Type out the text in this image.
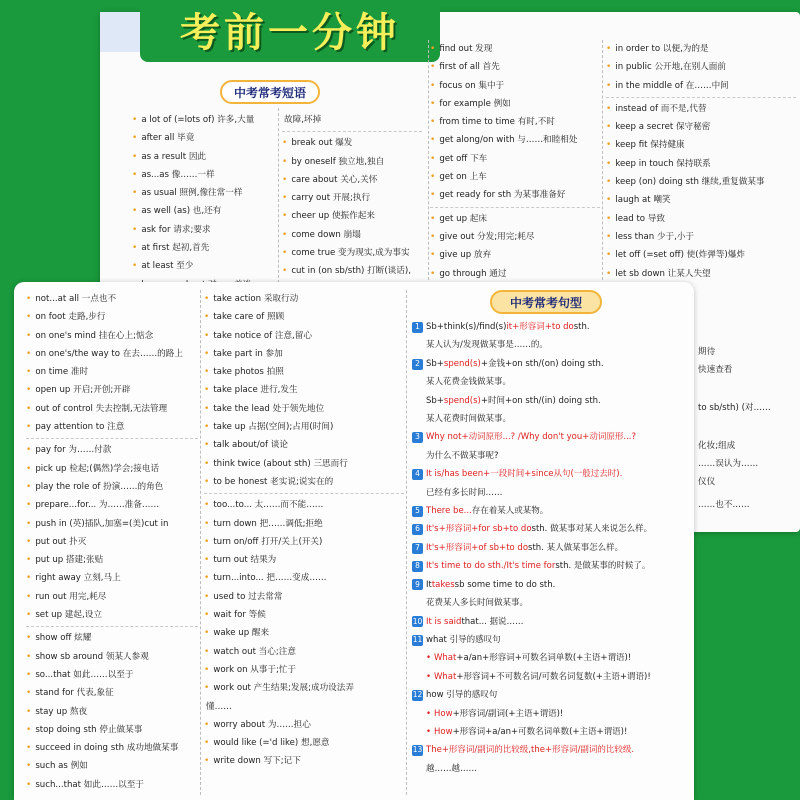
考前一分钟
中考常考短语
• a lot of (=lots of) 许多,大量
• after all 毕竟
• as a result 因此
• as...as 像……一样
• as usual 照例,像往常一样
• as well (as) 也,还有
• ask for 请求;要求
• at first 起初,首先
• at least 至少
故障,坏掉
• break out 爆发
• by oneself 独立地,独自
• care about 关心,关怀
• carry out 开展;执行
• cheer up 使振作起来
• come down 崩塌
• come true 变为现实,成为事实
• cut in (on sb/sth) 打断(谈话),
• find out 发现
• first of all 首先
• focus on 集中于
• for example 例如
• from time to time 有时,不时
• get along/on with 与……和睦相处
• get off 下车
• get on 上车
• get ready for sth 为某事准备好
• get up 起床
• give out 分发;用完;耗尽
• give up 放弃
• go through 通过
• in order to 以便,为的是
• in public 公开地,在别人面前
• in the middle of 在……中间
• instead of 而不是,代替
• keep a secret 保守秘密
• keep fit 保持健康
• keep in touch 保持联系
• keep (on) doing sth 继续,重复做某事
• laugh at 嘲笑
• lead to 导致
• less than 少于,小于
• let off (=set off) 使(炸弹等)爆炸
• let sb down 让某人失望
期待
快速查看
to sb/sth) (对……
化妆;组成
……误认为……
仪仪
……也不……
• not...at all 一点也不
• on foot 走路,步行
• on one's mind 挂在心上;惦念
• on one's/the way to 在去……的路上
• on time 准时
• open up 开启;开创;开辟
• out of control 失去控制,无法管理
• pay attention to 注意
• pay for 为……付款
• pick up 检起;(偶然)学会;接电话
• play the role of 扮演……的角色
• prepare...for... 为……准备……
• push in (英)插队,加塞=(美)cut in
• put out 扑灭
• put up 搭建;张贴
• right away 立刻,马上
• run out 用完,耗尽
• set up 建起,设立
• show off 炫耀
• show sb around 领某人参观
• so...that 如此……以至于
• stand for 代表,象征
• stay up 熬夜
• stop doing sth 停止做某事
• succeed in doing sth 成功地做某事
• such as 例如
• such...that 如此……以至于
• take action 采取行动
• take care of 照顾
• take notice of 注意,留心
• take part in 参加
• take photos 拍照
• take place 进行,发生
• take the lead 处于领先地位
• take up 占据(空间);占用(时间)
• talk about/of 谈论
• think twice (about sth) 三思而行
• to be honest 老实说;说实在的
• too...to... 太……而不能……
• turn down 把……调低;拒绝
• turn on/off 打开/关上(开关)
• turn out 结果为
• turn...into... 把……变成……
• used to 过去常常
• wait for 等候
• wake up 醒来
• watch out 当心;注意
• work on 从事于;忙于
• work out 产生结果;发展;成功设法弄
懂……
• worry about 为……担心
• would like (='d like) 想,愿意
• write down 写下;记下
中考常考句型
1 Sb+think(s)/find(s) it+形容词+to do sth.
某人认为/发现做某事是……的。
2 Sb+ spend(s) +金钱+on sth/(on) doing sth.
某人花费金钱做某事。
Sb+ spend(s) +时间+on sth/(in) doing sth.
某人花费时间做某事。
3 Why not+动词原形...? /Why don't you+动词原形...?
为什么不做某事呢?
4 It is/has been+一段时间+since从句(一般过去时).
已经有多长时间……
5 There be... 存在着某人或某物。
6 It's+形容词+for sb+to do sth. 做某事对某人来说怎么样。
7 It's+形容词+of sb+to do sth. 某人做某事怎么样。
8 It's time to do sth./It's time for sth. 是做某事的时候了。
9 It takes sb some time to do sth.
花费某人多长时间做某事。
10 It is said that... 据说……
11 what 引导的感叹句
• What +a/an+形容词+可数名词单数(+主语+谓语)!
• What +形容词+不可数名词/可数名词复数(+主语+谓语)!
12 how 引导的感叹句
• How +形容词/副词(+主语+谓语)!
• How +形容词+a/an+可数名词单数(+主语+谓语)!
13 The+形容词/副词的比较级,the+形容词/副词的比较级.
越……越……
